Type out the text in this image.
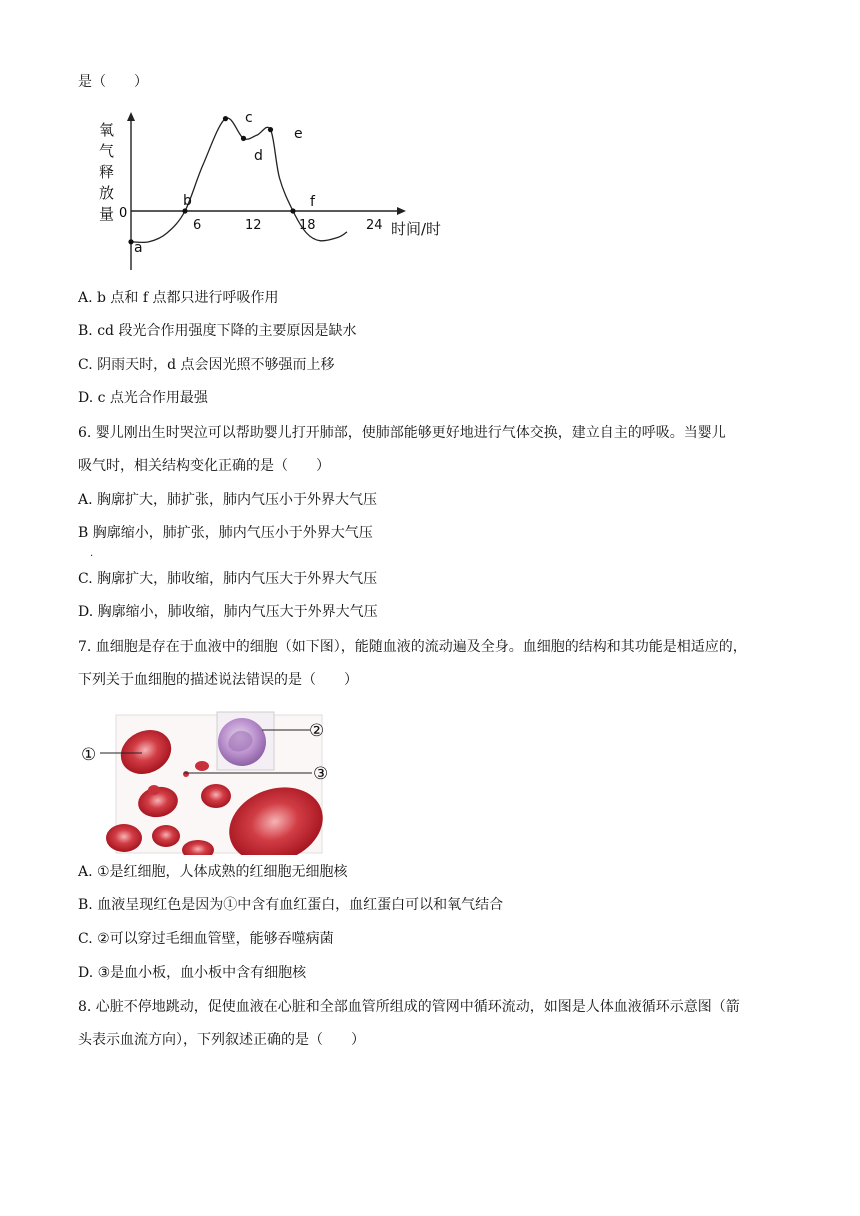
是（　　）
氧
气
释
放
量 0
6	12	18	24 时间/时
a
b
c
d
e
f
A. b 点和 f 点都只进行呼吸作用
B. cd 段光合作用强度下降的主要原因是缺水
C. 阴雨天时，d 点会因光照不够强而上移
D. c 点光合作用最强
6. 婴儿刚出生时哭泣可以帮助婴儿打开肺部，使肺部能够更好地进行气体交换，建立自主的呼吸。当婴儿
吸气时，相关结构变化正确的是（　　）
A. 胸廓扩大，肺扩张，肺内气压小于外界大气压
B 胸廓缩小，肺扩张，肺内气压小于外界大气压
.
C. 胸廓扩大，肺收缩，肺内气压大于外界大气压
D. 胸廓缩小，肺收缩，肺内气压大于外界大气压
7. 血细胞是存在于血液中的细胞（如下图），能随血液的流动遍及全身。血细胞的结构和其功能是相适应的，
下列关于血细胞的描述说法错误的是（　　）
①
②
③
A. ①是红细胞，人体成熟的红细胞无细胞核
B. 血液呈现红色是因为①中含有血红蛋白，血红蛋白可以和氧气结合
C. ②可以穿过毛细血管壁，能够吞噬病菌
D. ③是血小板，血小板中含有细胞核
8. 心脏不停地跳动，促使血液在心脏和全部血管所组成的管网中循环流动，如图是人体血液循环示意图（箭
头表示血流方向），下列叙述正确的是（　　）
